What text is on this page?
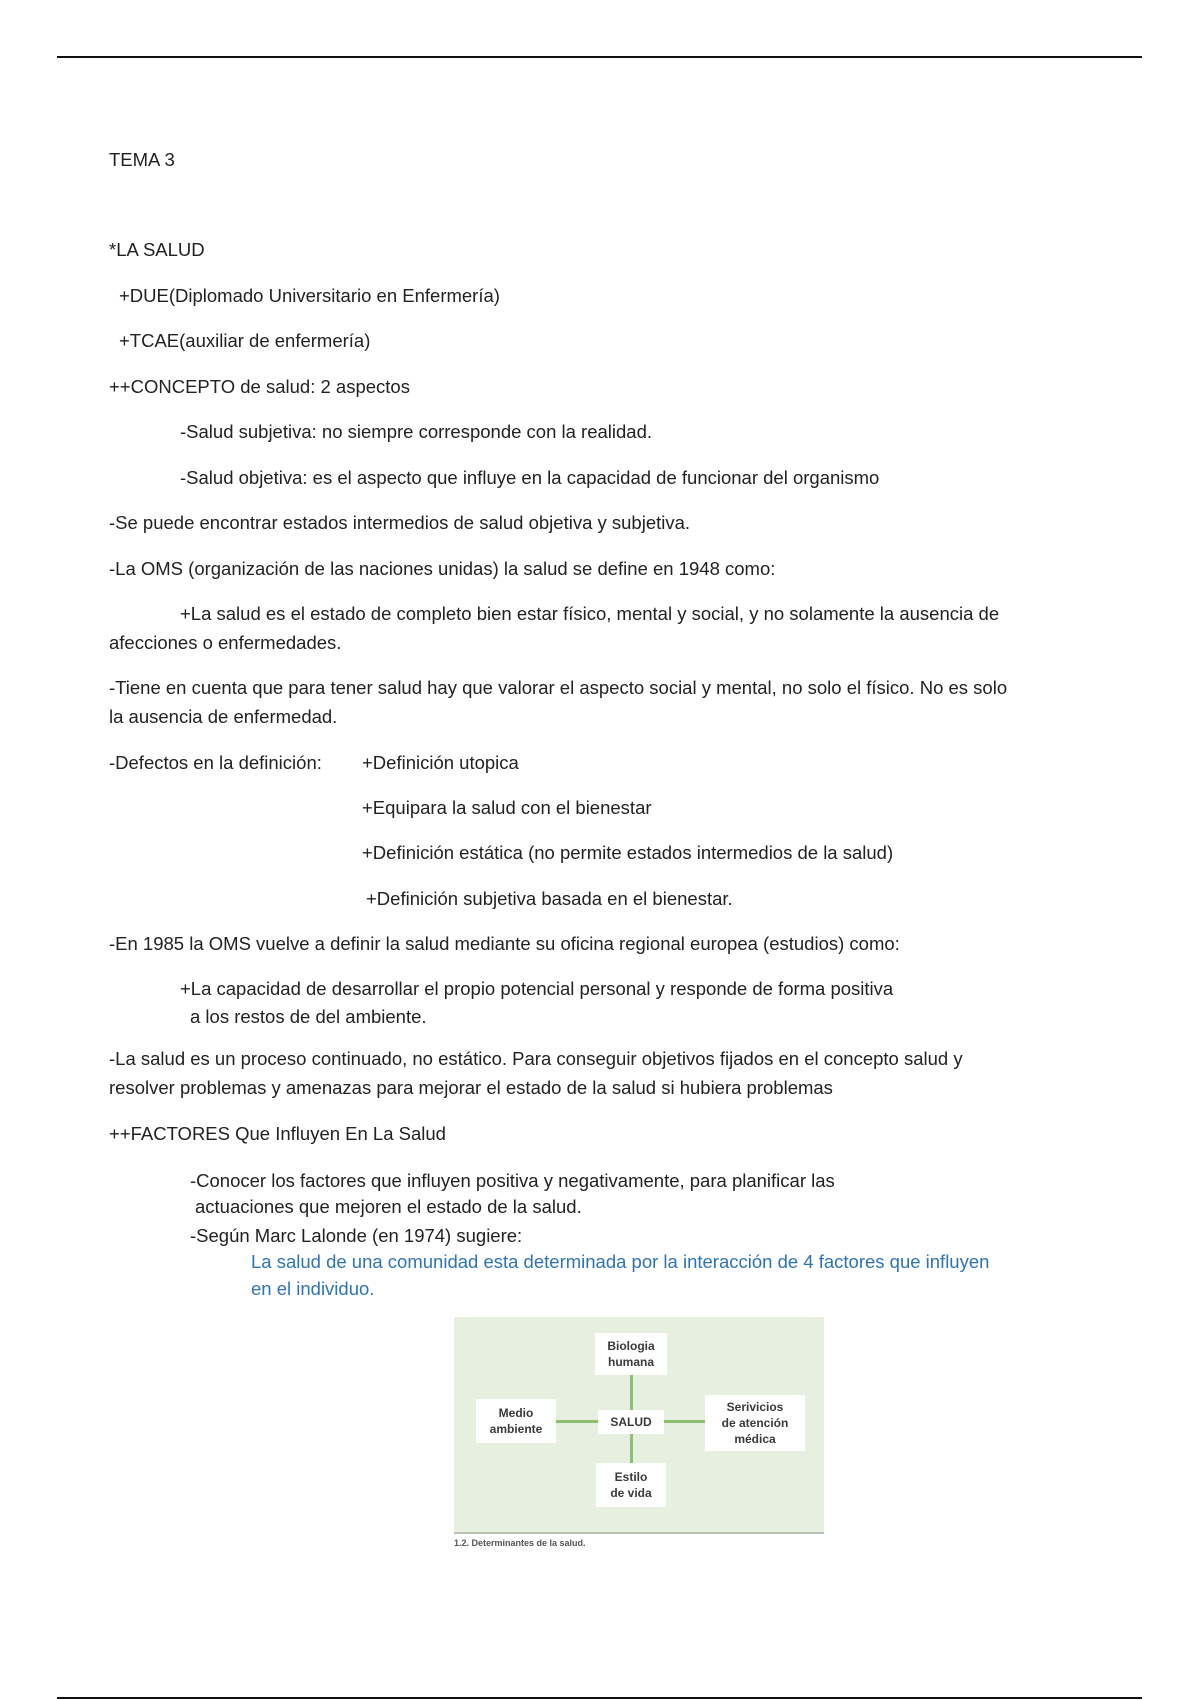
TEMA 3

*LA SALUD

+DUE(Diplomado Universitario en Enfermería)

+TCAE(auxiliar de enfermería)

++CONCEPTO de salud: 2 aspectos

-Salud subjetiva: no siempre corresponde con la realidad.

-Salud objetiva: es el aspecto que influye en la capacidad de funcionar del organismo

-Se puede encontrar estados intermedios de salud objetiva y subjetiva.

-La OMS (organización de las naciones unidas) la salud se define en 1948 como:

+La salud es el estado de completo bien estar físico, mental y social, y no solamente la ausencia de

afecciones o enfermedades.

-Tiene en cuenta que para tener salud hay que valorar el aspecto social y mental, no solo el físico. No es solo

la ausencia de enfermedad.

-Defectos en la definición: +Definición utopica

+Equipara la salud con el bienestar

+Definición estática (no permite estados intermedios de la salud)

+Definición subjetiva basada en el bienestar.

-En 1985 la OMS vuelve a definir la salud mediante su oficina regional europea (estudios) como:

+La capacidad de desarrollar el propio potencial personal y responde de forma positiva

a los restos de del ambiente.

-La salud es un proceso continuado, no estático. Para conseguir objetivos fijados en el concepto salud y

resolver problemas y amenazas para mejorar el estado de la salud si hubiera problemas

++FACTORES Que Influyen En La Salud

-Conocer los factores que influyen positiva y negativamente, para planificar las

actuaciones que mejoren el estado de la salud.

-Según Marc Lalonde (en 1974) sugiere:

La salud de una comunidad esta determinada por la interacción de 4 factores que influyen

en el individuo.

Biologia
humana
Medio
ambiente	SALUD
Serivicios
de atención
médica
Estilo
de vida
1.2. Determinantes de la salud.
